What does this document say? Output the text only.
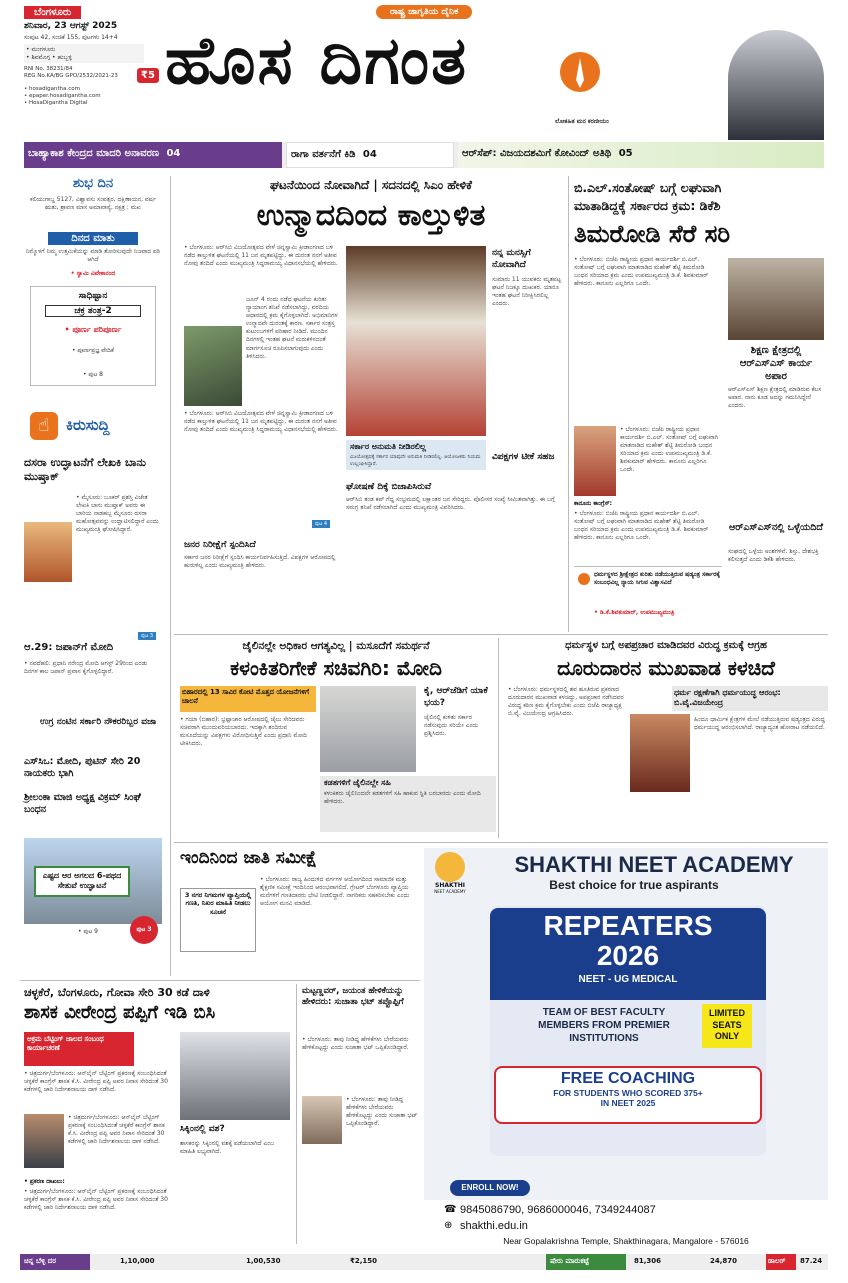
ಬೆಂಗಳೂರು
ಶನಿವಾರ, 23 ಆಗಸ್ಟ್ 2025
ಸಂಪುಟ 42, ಸಂಚಿಕೆ 155, ಪುಟಗಳು 14+4
• ಮಂಗಳೂರು
• ಶಿವಮೊಗ್ಗ • ಹುಬ್ಬಳ್ಳಿ
₹5
RNI No. 38231/84
REG No.KA/BG GPO/2532/2021-23
• hosadigantha.com
• epaper.hosadigantha.com
• HosaDigantha Digital
ರಾಷ್ಟ್ರ ಜಾಗೃತಿಯ ದೈನಿಕ
ಹೊಸ ದಿಗಂತ
ಲೋಕಹಿತ ಮನ ಕರಣೀಯಂ
ಬಾಹ್ಯಾಕಾಶ ಕೇಂದ್ರದ ಮಾದರಿ ಅನಾವರಣ 04	ರಾಗಾ ವರ್ತನೆಗೆ ಕಿಡಿ 04	ಆರ್‌ಸೆಪ್: ವಿಜಯದಶಮಿಗೆ ಕೋವಿಂದ್ ಅತಿಥಿ 05
ಶುಭ ದಿನ
ಕಲಿಯುಗಾಬ್ದ 5127, ವಿಶ್ವಾವಸು ಸಂವತ್ಸರ, ದಕ್ಷಿಣಾಯನ, ವರ್ಷ ಋತು, ಶ್ರಾವಣ ಮಾಸ ಅಮಾವಾಸ್ಯೆ, ನಕ್ಷತ್ರ : ಮಖ
ದಿನದ ಮಾತು
ನಿಮ್ಮೊಳಗೆ ನಿಮ್ಮ ಉತ್ತಮಿಕೆಯನ್ನು ಮಾಡಿ ತೋರಿಸುವುದೇ ನಿಜವಾದ ಪಠಿ ಆಗಿದೆ
• ಸ್ವಾಮಿ ವಿವೇಕಾನಂದ
ಸಾಧಿಷ್ಟಾನ
ಚಕ್ರ ತಂತ್ರ-2
• ಪೂರ್ಣ ಪರಿಪೂರ್ಣ
• ಪೂರ್ಣಪ್ರಜ್ಞ ವೇದಿಕೆ
• ಪುಟ 8
☝	ಕಿರುಸುದ್ದಿ
ದಸರಾ ಉದ್ಘಾಟನೆಗೆ ಲೇಖಕಿ ಬಾನು ಮುಷ್ತಾಕ್
• ಮೈಸೂರು: ಬೂಕರ್ ಪ್ರಶಸ್ತಿ ವಿಜೇತ ಲೇಖಕಿ ಬಾನು ಮುಷ್ತಾಕ್ ಅವರು ಈ ಬಾರಿಯ ನಾಡಹಬ್ಬ ಮೈಸೂರು ದಸರಾ ಮಹೋತ್ಸವವನ್ನು ಉದ್ಘಾಟಿಸಲಿದ್ದಾರೆ ಎಂದು ಮುಖ್ಯಮಂತ್ರಿ ಘೋಷಿಸಿದ್ದಾರೆ.
ಪುಟ 3
ಆ.29: ಜಪಾನ್‌ಗೆ ಮೋದಿ
• ನವದೆಹಲಿ: ಪ್ರಧಾನಿ ನರೇಂದ್ರ ಮೋದಿ ಆಗಸ್ಟ್ 29ರಿಂದ ಎರಡು ದಿನಗಳ ಕಾಲ ಜಪಾನ್ ಪ್ರವಾಸ ಕೈಗೊಳ್ಳಲಿದ್ದಾರೆ.
ಉಗ್ರ ನಂಟಿನ ಸರ್ಕಾರಿ ನೌಕರರಿಬ್ಬರ ವಜಾ
ಎಸ್‌ಸಿಒ: ಮೋದಿ, ಪುಟಿನ್ ಸೇರಿ 20 ನಾಯಕರು ಭಾಗಿ
ಶ್ರೀಲಂಕಾ ಮಾಜಿ ಅಧ್ಯಕ್ಷ ವಿಕ್ರಮ್ ಸಿಂಘೆ ಬಂಧನ
ಎಷ್ಟದ ಆರ ಅಗಲದ 6-ಪಥದ ಸೇತುವೆ ಉದ್ಘಾಟನೆ
• ಪುಟ 9	ಪುಟ 3
ಘಟನೆಯಿಂದ ನೋವಾಗಿದೆ | ಸದನದಲ್ಲಿ ಸಿಎಂ ಹೇಳಿಕೆ
ಉನ್ಮಾದದಿಂದ ಕಾಲ್ತುಳಿತ
• ಬೆಂಗಳೂರು: ಆರ್‌ಸಿಬಿ ವಿಜಯೋತ್ಸವದ ವೇಳೆ ಚಿನ್ನಸ್ವಾಮಿ ಕ್ರೀಡಾಂಗಣದ ಬಳಿ ನಡೆದ ಕಾಲ್ತುಳಿತ ಘಟನೆಯಲ್ಲಿ 11 ಜನ ಮೃತಪಟ್ಟಿದ್ದು, ಈ ದುರಂತ ನನಗೆ ಅತೀವ ನೋವು ತಂದಿದೆ ಎಂದು ಮುಖ್ಯಮಂತ್ರಿ ಸಿದ್ದರಾಮಯ್ಯ ವಿಧಾನಸಭೆಯಲ್ಲಿ ಹೇಳಿದರು.
ಜೂನ್ 4 ರಂದು ನಡೆದ ಘಟನೆಯ ಕುರಿತು ನ್ಯಾಯಾಂಗ ತನಿಖೆ ನಡೆಸಲಾಗಿದ್ದು, ವರದಿಯ ಆಧಾರದಲ್ಲಿ ಕ್ರಮ ಕೈಗೊಳ್ಳಲಾಗಿದೆ. ಅಭಿಮಾನಿಗಳ ಉನ್ಮಾದವೇ ದುರಂತಕ್ಕೆ ಕಾರಣ. ಸರ್ಕಾರ ಸಂತ್ರಸ್ತ ಕುಟುಂಬಗಳಿಗೆ ಪರಿಹಾರ ನೀಡಿದೆ. ಮುಂದಿನ ದಿನಗಳಲ್ಲಿ ಇಂತಹ ಘಟನೆ ಮರುಕಳಿಸದಂತೆ ಮಾರ್ಗಸೂಚಿ ರೂಪಿಸಲಾಗುವುದು ಎಂದು ತಿಳಿಸಿದರು.
• ಬೆಂಗಳೂರು: ಆರ್‌ಸಿಬಿ ವಿಜಯೋತ್ಸವದ ವೇಳೆ ಚಿನ್ನಸ್ವಾಮಿ ಕ್ರೀಡಾಂಗಣದ ಬಳಿ ನಡೆದ ಕಾಲ್ತುಳಿತ ಘಟನೆಯಲ್ಲಿ 11 ಜನ ಮೃತಪಟ್ಟಿದ್ದು, ಈ ದುರಂತ ನನಗೆ ಅತೀವ ನೋವು ತಂದಿದೆ ಎಂದು ಮುಖ್ಯಮಂತ್ರಿ ಸಿದ್ದರಾಮಯ್ಯ ವಿಧಾನಸಭೆಯಲ್ಲಿ ಹೇಳಿದರು.
ಪುಟ 4
ಜನರ ನಿರೀಕ್ಷೆಗೆ ಸ್ಪಂದಿಸಿದೆ
ಸರ್ಕಾರ ಜನರ ನಿರೀಕ್ಷೆಗೆ ಸ್ಪಂದಿಸಿ ಕಾರ್ಯನಿರ್ವಹಿಸುತ್ತಿದೆ. ವಿಪಕ್ಷಗಳ ಆರೋಪದಲ್ಲಿ ಹುರುಳಿಲ್ಲ ಎಂದು ಮುಖ್ಯಮಂತ್ರಿ ಹೇಳಿದರು.
ಸರ್ಕಾರ ಅನುಮತಿ ನೀಡಿರಲಿಲ್ಲ
ವಿಜಯೋತ್ಸವಕ್ಕೆ ಸರ್ಕಾರ ಯಾವುದೇ ಅನುಮತಿ ನೀಡಿರಲಿಲ್ಲ. ಆಯೋಜಕರು ನಿಯಮ ಉಲ್ಲಂಘಿಸಿದ್ದಾರೆ.
ನನ್ನ ಮನಸ್ಸಿಗೆ ನೋವಾಗಿದೆ
ಸುಮಾರು 11 ಯುವಕರು ಮೃತಪಟ್ಟ ಘಟನೆ ನಿಜಕ್ಕೂ ದುಃಖಕರ. ಯಾರೂ ಇಂತಹ ಘಟನೆ ನಿರೀಕ್ಷಿಸಿರಲಿಲ್ಲ ಎಂದರು.
ವಿಪಕ್ಷಗಳ ಟೀಕೆ ಸಹಜ
ಘೋಷಣೆ ದಿಕ್ಕೆ ಬಿಜಾಪಿಸಿರುವೆ
ಆರ್‌ಸಿಬಿ ತಂಡ ಕಪ್ ಗೆದ್ದ ಸಂಭ್ರಮದಲ್ಲಿ ಲಕ್ಷಾಂತರ ಜನ ಸೇರಿದ್ದರು. ಪೊಲೀಸರ ಸಂಖ್ಯೆ ಸೀಮಿತವಾಗಿತ್ತು. ಈ ಬಗ್ಗೆ ಸಮಗ್ರ ತನಿಖೆ ನಡೆಸಲಾಗಿದೆ ಎಂದು ಮುಖ್ಯಮಂತ್ರಿ ವಿವರಿಸಿದರು.
ಬಿ.ಎಲ್.ಸಂತೋಷ್ ಬಗ್ಗೆ ಲಘುವಾಗಿ
ಮಾತಾಡಿದ್ದಕ್ಕೆ ಸರ್ಕಾರದ ಕ್ರಮ: ಡಿಕೆಶಿ
ತಿಮರೋಡಿ ಸೆರೆ ಸರಿ
• ಬೆಂಗಳೂರು: ಬಿಜೆಪಿ ರಾಷ್ಟ್ರೀಯ ಪ್ರಧಾನ ಕಾರ್ಯದರ್ಶಿ ಬಿ.ಎಲ್. ಸಂತೋಷ್ ಬಗ್ಗೆ ಲಘುವಾಗಿ ಮಾತನಾಡಿದ ಮಹೇಶ್ ಶೆಟ್ಟಿ ತಿಮರೋಡಿ ಬಂಧನ ಸರಿಯಾದ ಕ್ರಮ ಎಂದು ಉಪಮುಖ್ಯಮಂತ್ರಿ ಡಿ.ಕೆ. ಶಿವಕುಮಾರ್ ಹೇಳಿದರು. ಕಾನೂನು ಎಲ್ಲರಿಗೂ ಒಂದೇ.
ಶಿಕ್ಷಣ ಕ್ಷೇತ್ರದಲ್ಲಿ ಆರ್‌ಎಸ್‌ಎಸ್ ಕಾರ್ಯ ಅಪಾರ
ಆರ್‌ಎಸ್‌ಎಸ್ ಶಿಕ್ಷಣ ಕ್ಷೇತ್ರದಲ್ಲಿ ಮಾಡಿರುವ ಕೆಲಸ ಅಪಾರ. ನಾನು ಕೂಡ ಅದನ್ನು ಗಮನಿಸಿದ್ದೇನೆ ಎಂದರು.
• ಬೆಂಗಳೂರು: ಬಿಜೆಪಿ ರಾಷ್ಟ್ರೀಯ ಪ್ರಧಾನ ಕಾರ್ಯದರ್ಶಿ ಬಿ.ಎಲ್. ಸಂತೋಷ್ ಬಗ್ಗೆ ಲಘುವಾಗಿ ಮಾತನಾಡಿದ ಮಹೇಶ್ ಶೆಟ್ಟಿ ತಿಮರೋಡಿ ಬಂಧನ ಸರಿಯಾದ ಕ್ರಮ ಎಂದು ಉಪಮುಖ್ಯಮಂತ್ರಿ ಡಿ.ಕೆ. ಶಿವಕುಮಾರ್ ಹೇಳಿದರು. ಕಾನೂನು ಎಲ್ಲರಿಗೂ ಒಂದೇ.
ಕಾನೂನು ಕಾಂಗ್ರೆಸ್:
• ಬೆಂಗಳೂರು: ಬಿಜೆಪಿ ರಾಷ್ಟ್ರೀಯ ಪ್ರಧಾನ ಕಾರ್ಯದರ್ಶಿ ಬಿ.ಎಲ್. ಸಂತೋಷ್ ಬಗ್ಗೆ ಲಘುವಾಗಿ ಮಾತನಾಡಿದ ಮಹೇಶ್ ಶೆಟ್ಟಿ ತಿಮರೋಡಿ ಬಂಧನ ಸರಿಯಾದ ಕ್ರಮ ಎಂದು ಉಪಮುಖ್ಯಮಂತ್ರಿ ಡಿ.ಕೆ. ಶಿವಕುಮಾರ್ ಹೇಳಿದರು. ಕಾನೂನು ಎಲ್ಲರಿಗೂ ಒಂದೇ.
ಆರ್‌ಎಸ್‌ಎಸ್‌ನಲ್ಲಿ ಒಳ್ಳೆಯದಿದೆ
ಸಂಘದಲ್ಲಿ ಒಳ್ಳೆಯ ಅಂಶಗಳಿವೆ. ಶಿಸ್ತು, ದೇಶಭಕ್ತಿ ಕಲಿಸುತ್ತದೆ ಎಂದು ಡಿಕೆಶಿ ಹೇಳಿದರು.
ಧರ್ಮಸ್ಥಳದ ಶ್ರೀಕ್ಷೇತ್ರದ ಕುರಿತು ನಡೆಯುತ್ತಿರುವ ಷಡ್ಯಂತ್ರ ಸರ್ಕಾರಕ್ಕೆ ಸಂಬಂಧವಿಲ್ಲ ನ್ಯಾಯ ಸಿಗುವ ವಿಶ್ವಾಸವಿದೆ
• ಡಿ.ಕೆ.ಶಿವಕುಮಾರ್, ಉಪಮುಖ್ಯಮಂತ್ರಿ
ಜೈಲಿನಲ್ಲೇ ಅಧಿಕಾರ ಆಗತ್ಯವಿಲ್ಲ | ಮಸೂದೆಗೆ ಸಮರ್ಥನೆ
ಕಳಂಕಿತರಿಗೇಕೆ ಸಚಿವಗಿರಿ: ಮೋದಿ
ಬಿಹಾರದಲ್ಲಿ 13 ಸಾವಿರ ಕೋಟಿ ಮೊತ್ತದ ಯೋಜನೆಗಳಿಗೆ ಚಾಲನೆ
• ಗಯಾ (ಬಿಹಾರ): ಭ್ರಷ್ಟಾಚಾರ ಆರೋಪದಲ್ಲಿ ಜೈಲು ಸೇರಿದವರು ಸಚಿವರಾಗಿ ಮುಂದುವರಿಯಬಾರದು. ಇದಕ್ಕಾಗಿ ತಂದಿರುವ ಮಸೂದೆಯನ್ನು ವಿಪಕ್ಷಗಳು ವಿರೋಧಿಸುತ್ತಿವೆ ಎಂದು ಪ್ರಧಾನಿ ಮೋದಿ ಟೀಕಿಸಿದರು.
ಕೈ, ಆರ್‌ಜೆಡಿಗೆ ಯಾಕೆ ಭಯ?
ಜೈಲಿನಲ್ಲಿ ಕುಳಿತು ಸರ್ಕಾರ ನಡೆಸುವುದು ಸರಿಯೇ ಎಂದು ಪ್ರಶ್ನಿಸಿದರು.
ಕಡತಗಳಿಗೆ ಜೈಲಿನಲ್ಲೇ ಸಹಿ
ಕಳಂಕಿತರು ಜೈಲಿನಿಂದಲೇ ಕಡತಗಳಿಗೆ ಸಹಿ ಹಾಕುವ ಸ್ಥಿತಿ ಬರಬಾರದು ಎಂದು ಮೋದಿ ಹೇಳಿದರು.
ಧರ್ಮಸ್ಥಳ ಬಗ್ಗೆ ಅಪಪ್ರಚಾರ ಮಾಡಿದವರ ವಿರುದ್ಧ ಕ್ರಮಕ್ಕೆ ಆಗ್ರಹ
ದೂರುದಾರನ ಮುಖವಾಡ ಕಳಚಿದೆ
• ಬೆಂಗಳೂರು: ಧರ್ಮಸ್ಥಳದಲ್ಲಿ ಶವ ಹೂತಿರುವ ಪ್ರಕರಣದ ದೂರುದಾರನ ಮುಖವಾಡ ಕಳಚಿದ್ದು, ಅಪಪ್ರಚಾರ ನಡೆಸಿದವರ ವಿರುದ್ಧ ಕಠಿಣ ಕ್ರಮ ಕೈಗೊಳ್ಳಬೇಕು ಎಂದು ಬಿಜೆಪಿ ರಾಜ್ಯಾಧ್ಯಕ್ಷ ಬಿ.ವೈ. ವಿಜಯೇಂದ್ರ ಆಗ್ರಹಿಸಿದರು.
ಧರ್ಮ ರಕ್ಷಣೆಗಾಗಿ ಧರ್ಮಯುದ್ಧ ಆರಂಭ: ಬಿ.ವೈ.ವಿಜಯೇಂದ್ರ
ಹಿಂದೂ ಧಾರ್ಮಿಕ ಕ್ಷೇತ್ರಗಳ ಮೇಲೆ ನಡೆಯುತ್ತಿರುವ ಷಡ್ಯಂತ್ರದ ವಿರುದ್ಧ ಧರ್ಮಯುದ್ಧ ಆರಂಭಿಸಲಾಗಿದೆ. ರಾಜ್ಯಾದ್ಯಂತ ಹೋರಾಟ ನಡೆಯಲಿದೆ.
ಇಂದಿನಿಂದ ಜಾತಿ ಸಮೀಕ್ಷೆ
3 ನಗರ ನಿಗಮಗಳ ವ್ಯಾಪ್ತಿಯಲ್ಲಿ ಗಣತಿ, ನಿಖರ ಮಾಹಿತಿ ನೀಡಲು ಸೂಚನೆ
• ಬೆಂಗಳೂರು: ರಾಜ್ಯ ಹಿಂದುಳಿದ ವರ್ಗಗಳ ಆಯೋಗದಿಂದ ಸಾಮಾಜಿಕ ಮತ್ತು ಶೈಕ್ಷಣಿಕ ಸಮೀಕ್ಷೆ ಇಂದಿನಿಂದ ಆರಂಭವಾಗಲಿದೆ. ಗ್ರೇಟರ್ ಬೆಂಗಳೂರು ವ್ಯಾಪ್ತಿಯ ಮನೆಗಳಿಗೆ ಗಣತಿದಾರರು ಭೇಟಿ ನೀಡಲಿದ್ದಾರೆ. ನಾಗರಿಕರು ಸಹಕರಿಸಬೇಕು ಎಂದು ಆಯೋಗ ಮನವಿ ಮಾಡಿದೆ.
SHAKTHI
NEET ACADEMY
SHAKTHI NEET ACADEMY
Best choice for true aspirants
REPEATERS
2026
NEET - UG MEDICAL
TEAM OF BEST FACULTY MEMBERS FROM PREMIER INSTITUTIONS
LIMITED SEATS ONLY
FREE COACHING
FOR STUDENTS WHO SCORED 375+ IN NEET 2025
ENROLL NOW!
☎ 9845086790, 9686000046, 7349244087
⊕ shakthi.edu.in
Near Gopalakrishna Temple, Shakthinagara, Mangalore - 576016
ಚಳ್ಳಕೆರೆ, ಬೆಂಗಳೂರು, ಗೋವಾ ಸೇರಿ 30 ಕಡೆ ದಾಳಿ
ಶಾಸಕ ವೀರೇಂದ್ರ ಪಪ್ಪಿಗೆ ಇಡಿ ಬಿಸಿ
ಅಕ್ರಮ ಬೆಟ್ಟಿಂಗ್ ಜಾಲದ ಸಂಬಂಧ ಕಾರ್ಯಾಚರಣೆ
• ಚಿತ್ರದುರ್ಗ/ಬೆಂಗಳೂರು: ಆನ್‌ಲೈನ್ ಬೆಟ್ಟಿಂಗ್ ಪ್ರಕರಣಕ್ಕೆ ಸಂಬಂಧಿಸಿದಂತೆ ಚಳ್ಳಕೆರೆ ಕಾಂಗ್ರೆಸ್ ಶಾಸಕ ಕೆ.ಸಿ. ವೀರೇಂದ್ರ ಪಪ್ಪಿ ಅವರ ನಿವಾಸ ಸೇರಿದಂತೆ 30 ಕಡೆಗಳಲ್ಲಿ ಜಾರಿ ನಿರ್ದೇಶನಾಲಯ ದಾಳಿ ನಡೆಸಿದೆ.
• ಚಿತ್ರದುರ್ಗ/ಬೆಂಗಳೂರು: ಆನ್‌ಲೈನ್ ಬೆಟ್ಟಿಂಗ್ ಪ್ರಕರಣಕ್ಕೆ ಸಂಬಂಧಿಸಿದಂತೆ ಚಳ್ಳಕೆರೆ ಕಾಂಗ್ರೆಸ್ ಶಾಸಕ ಕೆ.ಸಿ. ವೀರೇಂದ್ರ ಪಪ್ಪಿ ಅವರ ನಿವಾಸ ಸೇರಿದಂತೆ 30 ಕಡೆಗಳಲ್ಲಿ ಜಾರಿ ನಿರ್ದೇಶನಾಲಯ ದಾಳಿ ನಡೆಸಿದೆ.
• ಪ್ರಕರಣ ದಾಖಲು:
• ಚಿತ್ರದುರ್ಗ/ಬೆಂಗಳೂರು: ಆನ್‌ಲೈನ್ ಬೆಟ್ಟಿಂಗ್ ಪ್ರಕರಣಕ್ಕೆ ಸಂಬಂಧಿಸಿದಂತೆ ಚಳ್ಳಕೆರೆ ಕಾಂಗ್ರೆಸ್ ಶಾಸಕ ಕೆ.ಸಿ. ವೀರೇಂದ್ರ ಪಪ್ಪಿ ಅವರ ನಿವಾಸ ಸೇರಿದಂತೆ 30 ಕಡೆಗಳಲ್ಲಿ ಜಾರಿ ನಿರ್ದೇಶನಾಲಯ ದಾಳಿ ನಡೆಸಿದೆ.
ಸಿಕ್ಕಿಂನಲ್ಲಿ ವಶ?
ಶಾಸಕರನ್ನು ಸಿಕ್ಕಿಂನಲ್ಲಿ ವಶಕ್ಕೆ ಪಡೆಯಲಾಗಿದೆ ಎಂಬ ಮಾಹಿತಿ ಲಭ್ಯವಾಗಿದೆ.
ಮಟ್ಟಣ್ಣವರ್, ಜಯಂತ ಹೇಳಿಕೆಯನ್ನು ಹೇಳಿದರು: ಸುಜಾತಾ ಭಟ್ ತಪ್ಪೊಪ್ಪಿಗೆ
• ಬೆಂಗಳೂರು: ತಾವು ನೀಡಿದ್ದ ಹೇಳಿಕೆಗಳು ಬೇರೆಯವರು ಹೇಳಿಕೊಟ್ಟದ್ದು ಎಂದು ಸುಜಾತಾ ಭಟ್ ಒಪ್ಪಿಕೊಂಡಿದ್ದಾರೆ.
• ಬೆಂಗಳೂರು: ತಾವು ನೀಡಿದ್ದ ಹೇಳಿಕೆಗಳು ಬೇರೆಯವರು ಹೇಳಿಕೊಟ್ಟದ್ದು ಎಂದು ಸುಜಾತಾ ಭಟ್ ಒಪ್ಪಿಕೊಂಡಿದ್ದಾರೆ.
ಚಿನ್ನ ಬೆಳ್ಳಿ ದರ	1,10,000	1,00,530	₹2,150	ಷೇರು ಮಾರುಕಟ್ಟೆ	81,306	24,870	ಡಾಲರ್	87.24
